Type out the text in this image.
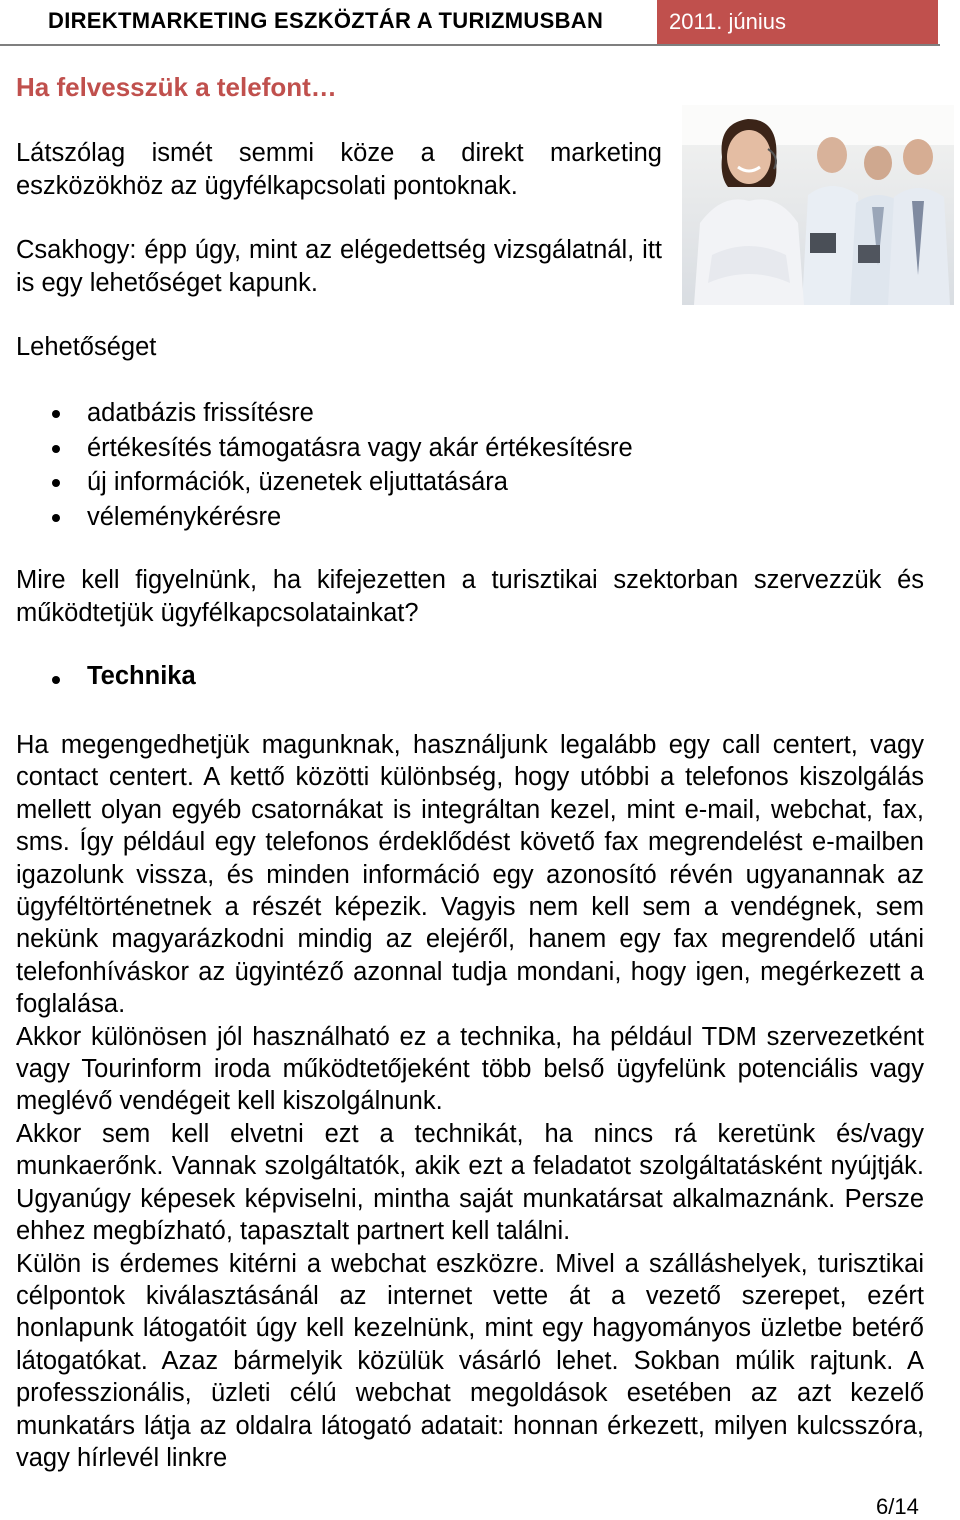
DIREKTMARKETING ESZKÖZTÁR A TURIZMUSBAN	2011. június
Ha felvesszük a telefont…
Látszólag ismét semmi köze a direkt marketing eszközökhöz az ügyfélkapcsolati pontoknak.
Csakhogy: épp úgy, mint az elégedettség vizsgálatnál, itt is egy lehetőséget kapunk.
Lehetőséget
adatbázis frissítésre
értékesítés támogatásra vagy akár értékesítésre
új információk, üzenetek eljuttatására
véleménykérésre
Mire kell figyelnünk, ha kifejezetten a turisztikai szektorban szervezzük és működtetjük ügyfélkapcsolatainkat?
Technika

Ha megengedhetjük magunknak, használjunk legalább egy call centert, vagy contact centert. A kettő közötti különbség, hogy utóbbi a telefonos kiszolgálás mellett olyan egyéb csatornákat is integráltan kezel, mint e-mail, webchat, fax, sms. Így például egy telefonos érdeklődést követő fax megrendelést e-mailben igazolunk vissza, és minden információ egy azonosító révén ugyanannak az ügyféltörténetnek a részét képezik. Vagyis nem kell sem a vendégnek, sem nekünk magyarázkodni mindig az elejéről, hanem egy fax megrendelő utáni telefonhíváskor az ügyintéző azonnal tudja mondani, hogy igen, megérkezett a foglalása.

Akkor különösen jól használható ez a technika, ha például TDM szervezetként vagy Tourinform iroda működtetőjeként több belső ügyfelünk potenciális vagy meglévő vendégeit kell kiszolgálnunk.

Akkor sem kell elvetni ezt a technikát, ha nincs rá keretünk és/vagy munkaerőnk. Vannak szolgáltatók, akik ezt a feladatot szolgáltatásként nyújtják. Ugyanúgy képesek képviselni, mintha saját munkatársat alkalmaznánk. Persze ehhez megbízható, tapasztalt partnert kell találni.

Külön is érdemes kitérni a webchat eszközre. Mivel a szálláshelyek, turisztikai célpontok kiválasztásánál az internet vette át a vezető szerepet, ezért honlapunk látogatóit úgy kell kezelnünk, mint egy hagyományos üzletbe betérő látogatókat. Azaz bármelyik közülük vásárló lehet. Sokban múlik rajtunk. A professzionális, üzleti célú webchat megoldások esetében az azt kezelő munkatárs látja az oldalra látogató adatait: honnan érkezett, milyen kulcsszóra, vagy hírlevél linkre

6/14
